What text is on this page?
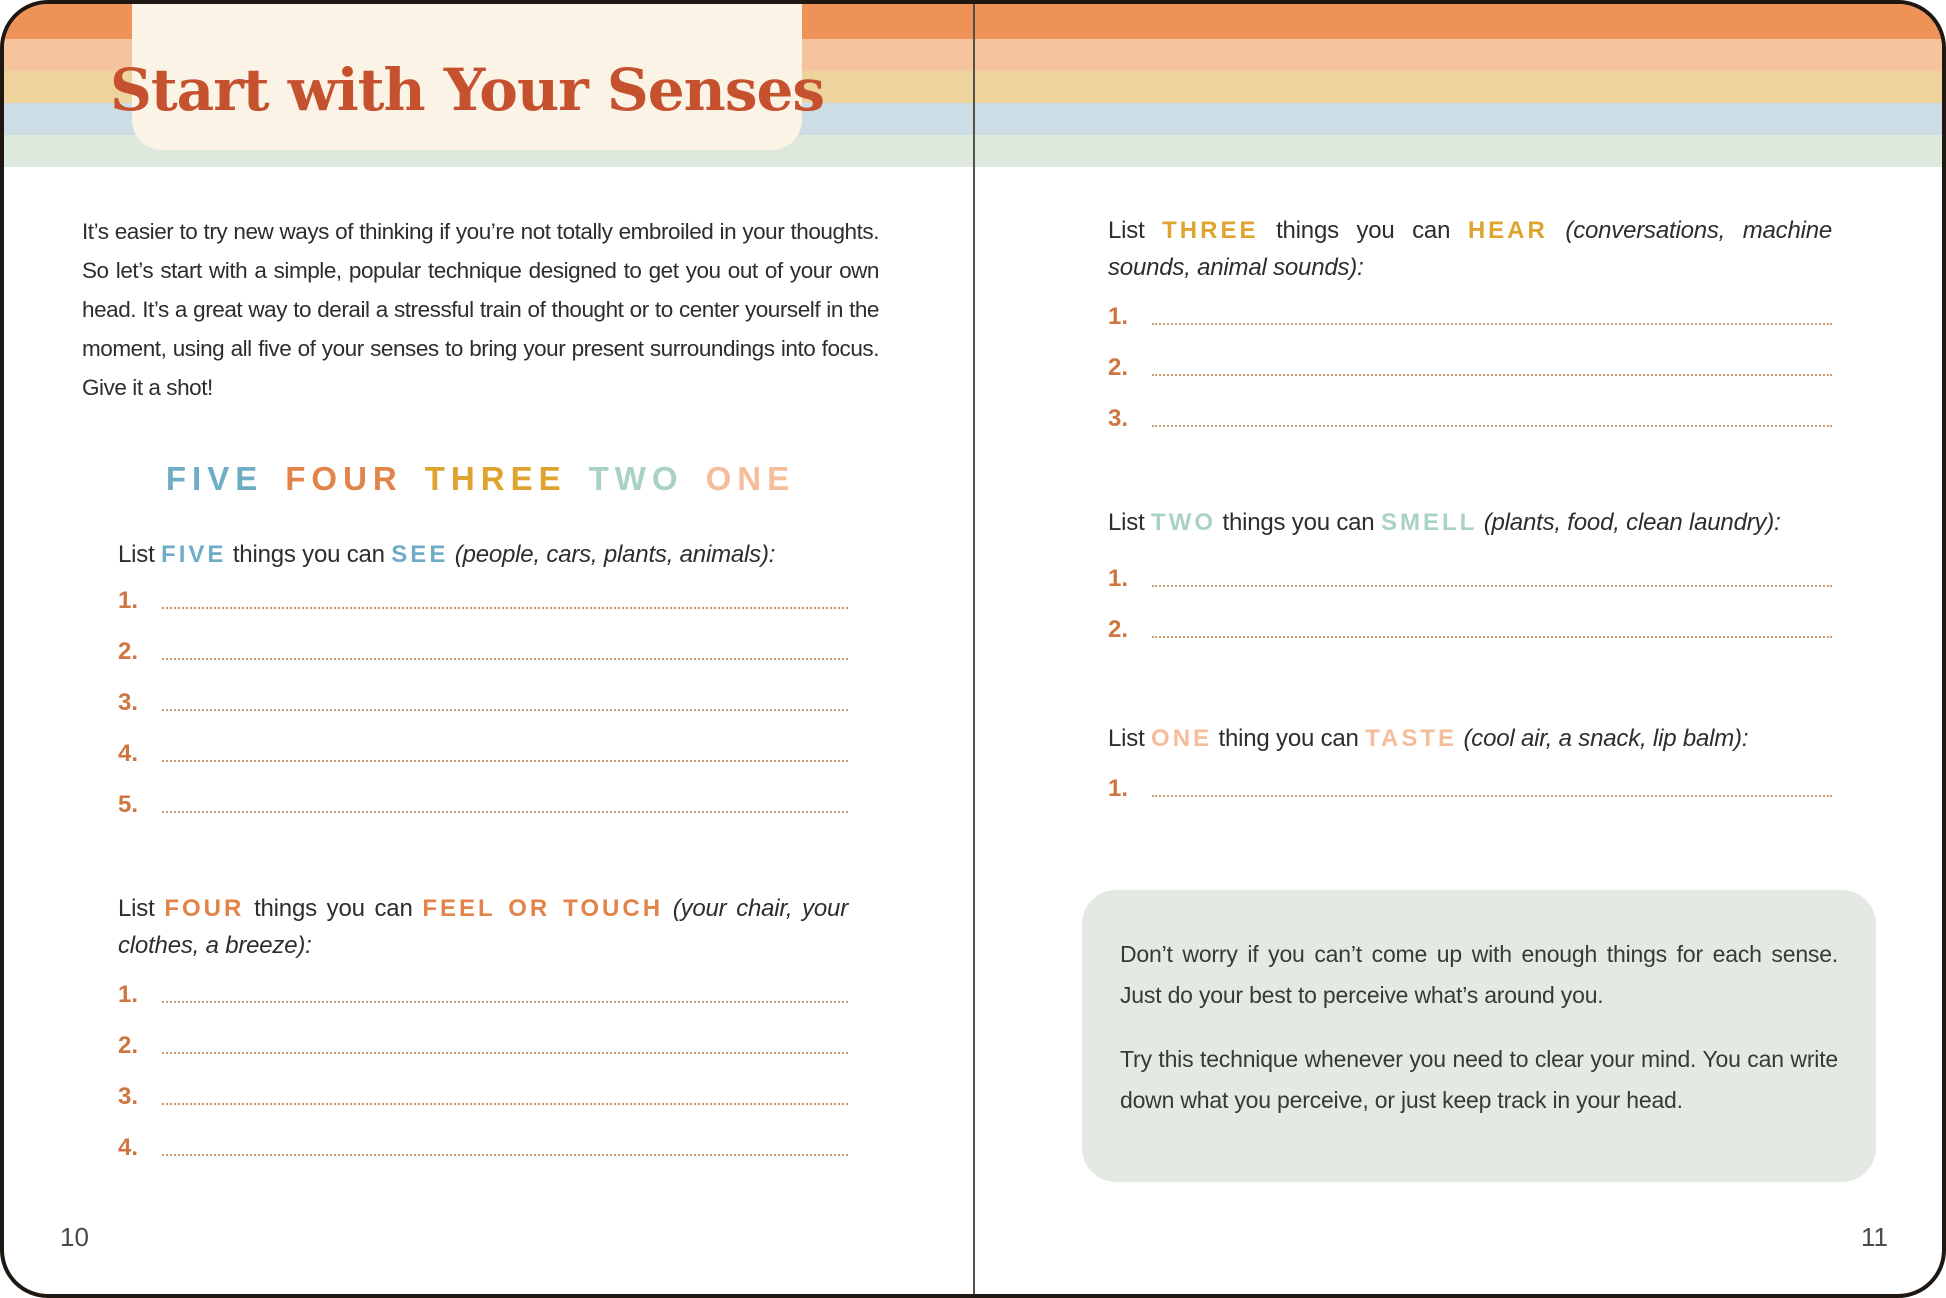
Start with Your Senses

It’s easier to try new ways of thinking if you’re not totally embroiled in your thoughts. So let’s start with a simple, popular technique designed to get you out of your own head. It’s a great way to derail a stressful train of thought or to center yourself in the moment, using all five of your senses to bring your present surroundings into focus. Give it a shot!

FIVE FOUR THREE TWO ONE

List FIVE things you can SEE (people, cars, plants, animals):

1.
2.
3.
4.
5.

List FOUR things you can FEEL OR TOUCH (your chair, your clothes, a breeze):

1.
2.
3.
4.
10

List THREE things you can HEAR (conversations, machine sounds, animal sounds):

1.
2.
3.

List TWO things you can SMELL (plants, food, clean laundry):

1.
2.

List ONE thing you can TASTE (cool air, a snack, lip balm):

1.

Don’t worry if you can’t come up with enough things for each sense. Just do your best to perceive what’s around you.

Try this technique whenever you need to clear your mind. You can write down what you perceive, or just keep track in your head.

11
